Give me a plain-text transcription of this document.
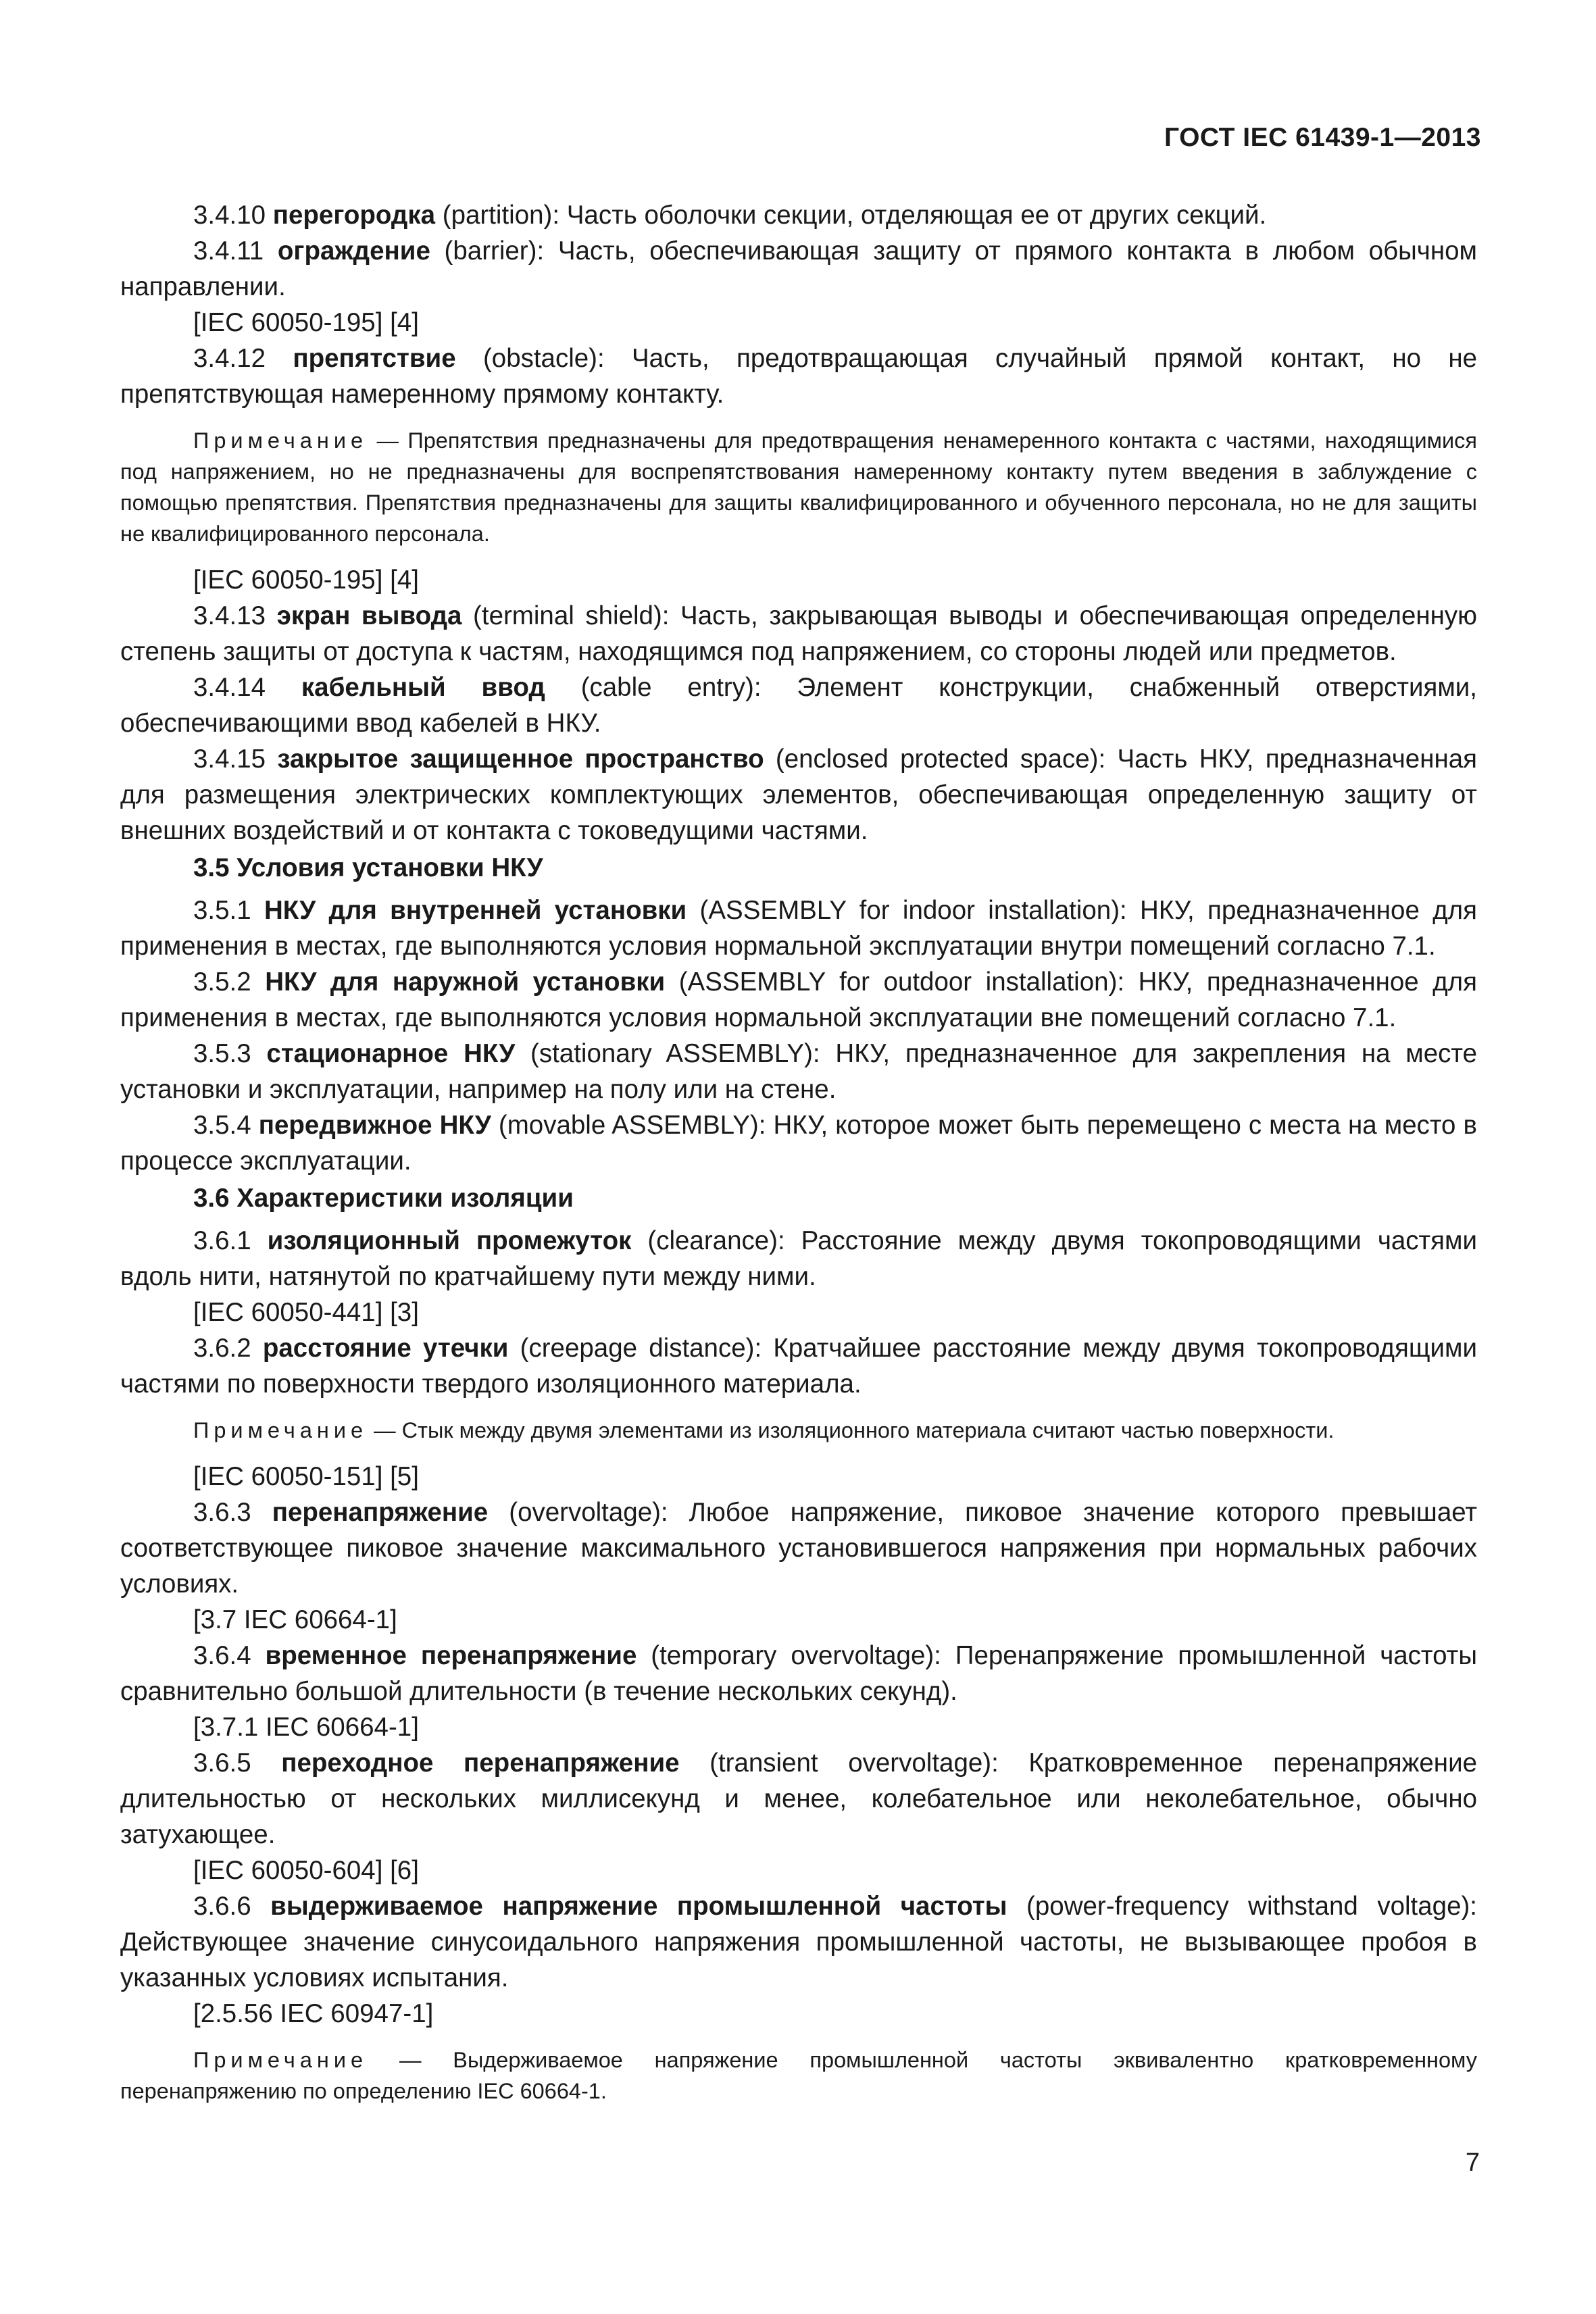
ГОСТ IEC 61439-1—2013

3.4.10 перегородка (partition): Часть оболочки секции, отделяющая ее от других секций.

3.4.11 ограждение (barrier): Часть, обеспечивающая защиту от прямого контакта в любом обычном направлении.

[IEC 60050-195] [4]

3.4.12 препятствие (obstacle): Часть, предотвращающая случайный прямой контакт, но не препятствующая намеренному прямому контакту.

Примечание — Препятствия предназначены для предотвращения ненамеренного контакта с частями, находящимися под напряжением, но не предназначены для воспрепятствования намеренному контакту путем введения в заблуждение с помощью препятствия. Препятствия предназначены для защиты квалифицированного и обученного персонала, но не для защиты не квалифицированного персонала.

[IEC 60050-195] [4]

3.4.13 экран вывода (terminal shield): Часть, закрывающая выводы и обеспечивающая определенную степень защиты от доступа к частям, находящимся под напряжением, со стороны людей или предметов.

3.4.14 кабельный ввод (cable entry): Элемент конструкции, снабженный отверстиями, обеспечивающими ввод кабелей в НКУ.

3.4.15 закрытое защищенное пространство (enclosed protected space): Часть НКУ, предназначенная для размещения электрических комплектующих элементов, обеспечивающая определенную защиту от внешних воздействий и от контакта с токоведущими частями.

3.5 Условия установки НКУ

3.5.1 НКУ для внутренней установки (ASSEMBLY for indoor installation): НКУ, предназначенное для применения в местах, где выполняются условия нормальной эксплуатации внутри помещений согласно 7.1.

3.5.2 НКУ для наружной установки (ASSEMBLY for outdoor installation): НКУ, предназначенное для применения в местах, где выполняются условия нормальной эксплуатации вне помещений согласно 7.1.

3.5.3 стационарное НКУ (stationary ASSEMBLY): НКУ, предназначенное для закрепления на месте установки и эксплуатации, например на полу или на стене.

3.5.4 передвижное НКУ (movable ASSEMBLY): НКУ, которое может быть перемещено с места на место в процессе эксплуатации.

3.6 Характеристики изоляции

3.6.1 изоляционный промежуток (clearance): Расстояние между двумя токопроводящими частями вдоль нити, натянутой по кратчайшему пути между ними.

[IEC 60050-441] [3]

3.6.2 расстояние утечки (creepage distance): Кратчайшее расстояние между двумя токопроводящими частями по поверхности твердого изоляционного материала.

Примечание — Стык между двумя элементами из изоляционного материала считают частью поверхности.

[IEC 60050-151] [5]

3.6.3 перенапряжение (overvoltage): Любое напряжение, пиковое значение которого превышает соответствующее пиковое значение максимального установившегося напряжения при нормальных рабочих условиях.

[3.7 IEC 60664-1]

3.6.4 временное перенапряжение (temporary overvoltage): Перенапряжение промышленной частоты сравнительно большой длительности (в течение нескольких секунд).

[3.7.1 IEC 60664-1]

3.6.5 переходное перенапряжение (transient overvoltage): Кратковременное перенапряжение длительностью от нескольких миллисекунд и менее, колебательное или неколебательное, обычно затухающее.

[IEC 60050-604] [6]

3.6.6 выдерживаемое напряжение промышленной частоты (power-frequency withstand voltage): Действующее значение синусоидального напряжения промышленной частоты, не вызывающее пробоя в указанных условиях испытания.

[2.5.56 IEC 60947-1]

Примечание — Выдерживаемое напряжение промышленной частоты эквивалентно кратковременному перенапряжению по определению IEC 60664-1.

7
